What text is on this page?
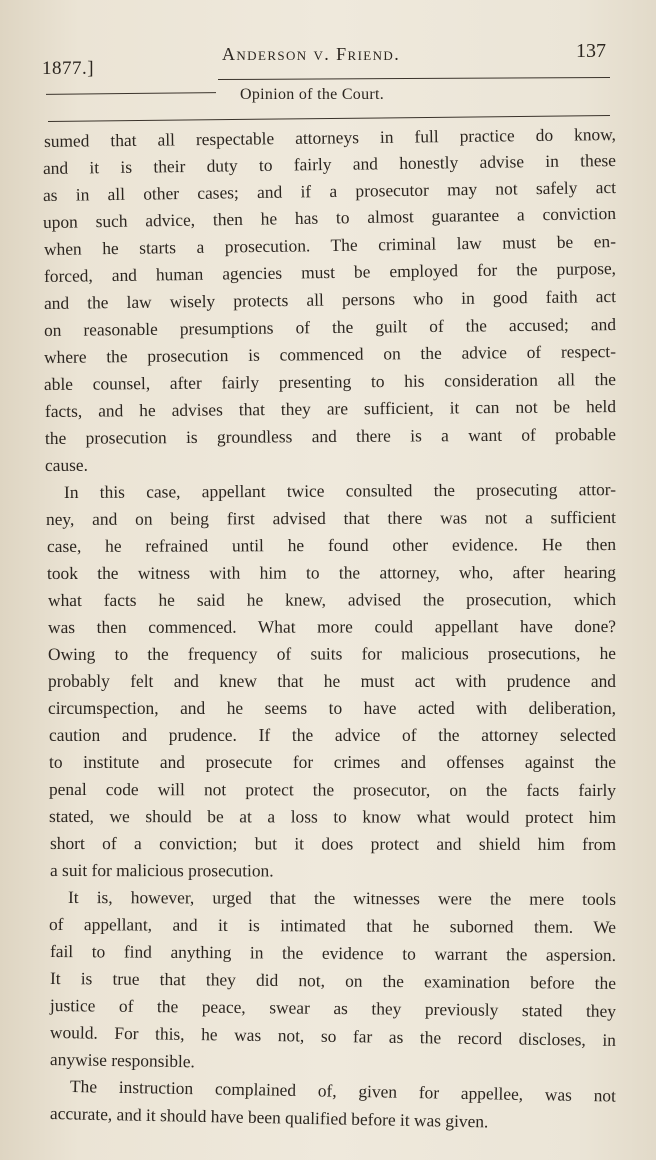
1877.]
Anderson v. Friend.	137
Opinion of the Court.
sumed that all respectable attorneys in full practice do know,
and it is their duty to fairly and honestly advise in these
as in all other cases; and if a prosecutor may not safely act
upon such advice, then he has to almost guarantee a conviction
when he starts a prosecution. The criminal law must be en-
forced, and human agencies must be employed for the purpose,
and the law wisely protects all persons who in good faith act
on reasonable presumptions of the guilt of the accused; and
where the prosecution is commenced on the advice of respect-
able counsel, after fairly presenting to his consideration all the
facts, and he advises that they are sufficient, it can not be held
the prosecution is groundless and there is a want of probable
cause.
In this case, appellant twice consulted the prosecuting attor-
ney, and on being first advised that there was not a sufficient
case, he refrained until he found other evidence. He then
took the witness with him to the attorney, who, after hearing
what facts he said he knew, advised the prosecution, which
was then commenced. What more could appellant have done?
Owing to the frequency of suits for malicious prosecutions, he
probably felt and knew that he must act with prudence and
circumspection, and he seems to have acted with deliberation,
caution and prudence. If the advice of the attorney selected
to institute and prosecute for crimes and offenses against the
penal code will not protect the prosecutor, on the facts fairly
stated, we should be at a loss to know what would protect him
short of a conviction; but it does protect and shield him from
a suit for malicious prosecution.
It is, however, urged that the witnesses were the mere tools
of appellant, and it is intimated that he suborned them. We
fail to find anything in the evidence to warrant the aspersion.
It is true that they did not, on the examination before the
justice of the peace, swear as they previously stated they
would. For this, he was not, so far as the record discloses, in
anywise responsible.
The instruction complained of, given for appellee, was not
accurate, and it should have been qualified before it was given.
